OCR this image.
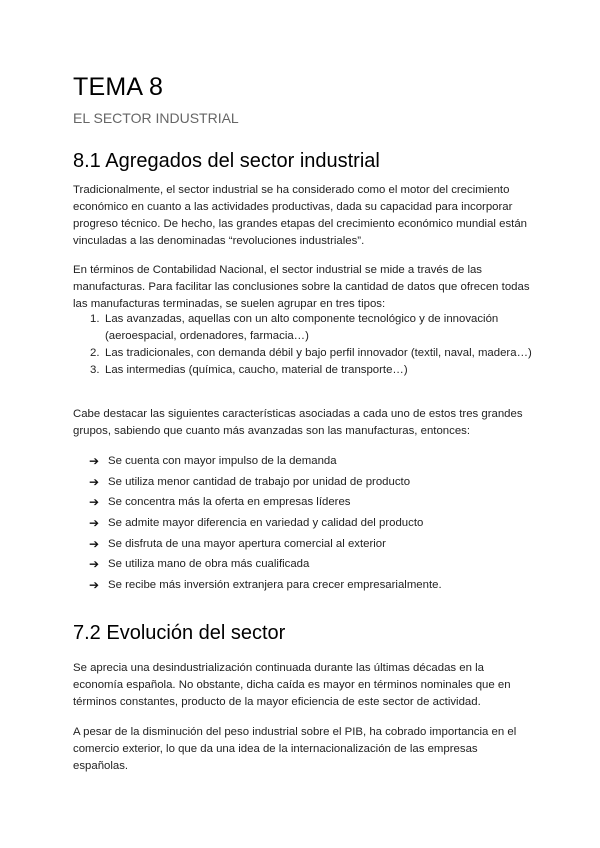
TEMA 8

EL SECTOR INDUSTRIAL

8.1 Agregados del sector industrial

Tradicionalmente, el sector industrial se ha considerado como el motor del crecimiento económico en cuanto a las actividades productivas, dada su capacidad para incorporar progreso técnico. De hecho, las grandes etapas del crecimiento económico mundial están vinculadas a las denominadas “revoluciones industriales”.

En términos de Contabilidad Nacional, el sector industrial se mide a través de las manufacturas. Para facilitar las conclusiones sobre la cantidad de datos que ofrecen todas las manufacturas terminadas, se suelen agrupar en tres tipos:

1. Las avanzadas, aquellas con un alto componente tecnológico y de innovación (aeroespacial, ordenadores, farmacia…)
2. Las tradicionales, con demanda débil y bajo perfil innovador (textil, naval, madera…)
3. Las intermedias (química, caucho, material de transporte…)

Cabe destacar las siguientes características asociadas a cada uno de estos tres grandes grupos, sabiendo que cuanto más avanzadas son las manufacturas, entonces:

➔ Se cuenta con mayor impulso de la demanda
➔ Se utiliza menor cantidad de trabajo por unidad de producto
➔ Se concentra más la oferta en empresas líderes
➔ Se admite mayor diferencia en variedad y calidad del producto
➔ Se disfruta de una mayor apertura comercial al exterior
➔ Se utiliza mano de obra más cualificada
➔ Se recibe más inversión extranjera para crecer empresarialmente.
7.2 Evolución del sector

Se aprecia una desindustrialización continuada durante las últimas décadas en la economía española. No obstante, dicha caída es mayor en términos nominales que en términos constantes, producto de la mayor eficiencia de este sector de actividad.

A pesar de la disminución del peso industrial sobre el PIB, ha cobrado importancia en el comercio exterior, lo que da una idea de la internacionalización de las empresas españolas.
